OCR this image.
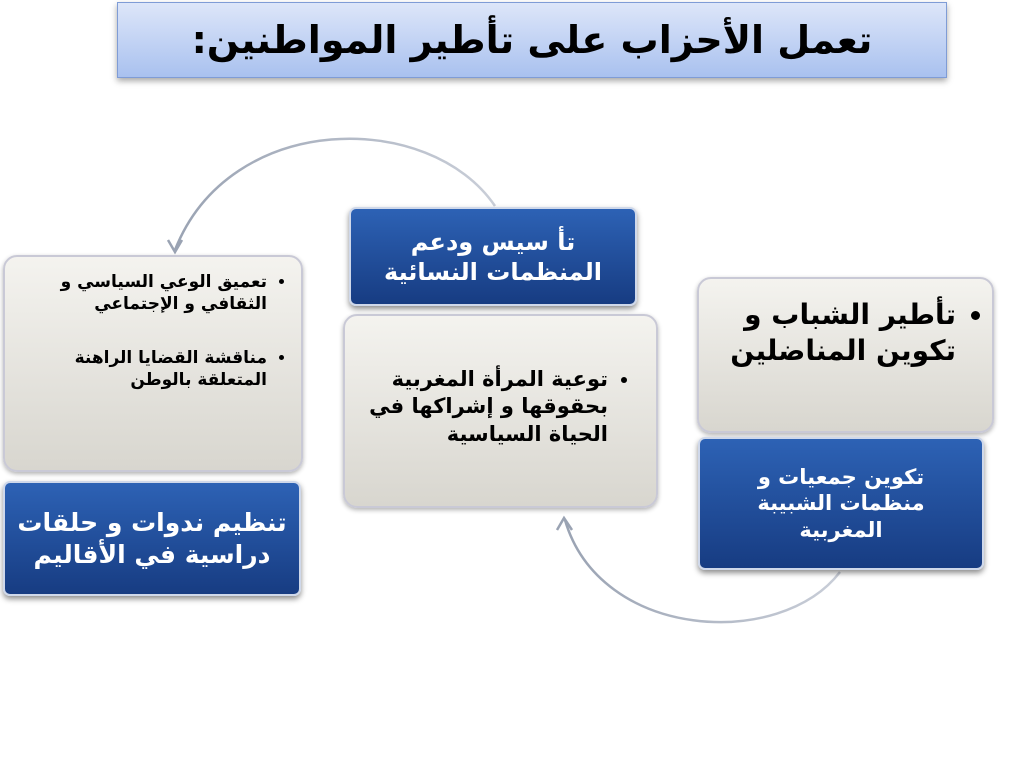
تعمل الأحزاب على تأطير المواطنين:
• تعميق الوعي السياسي و الثقافي و الإجتماعي
• مناقشة القضايا الراهنة المتعلقة بالوطن
تنظيم ندوات و حلقات دراسية في الأقاليم
تأ سيس ودعم المنظمات النسائية
• توعية المرأة المغربية بحقوقها و إشراكها في الحياة السياسية
• تأطير الشباب و تكوين المناضلين
تكوين جمعيات و منظمات الشبيبة المغربية
